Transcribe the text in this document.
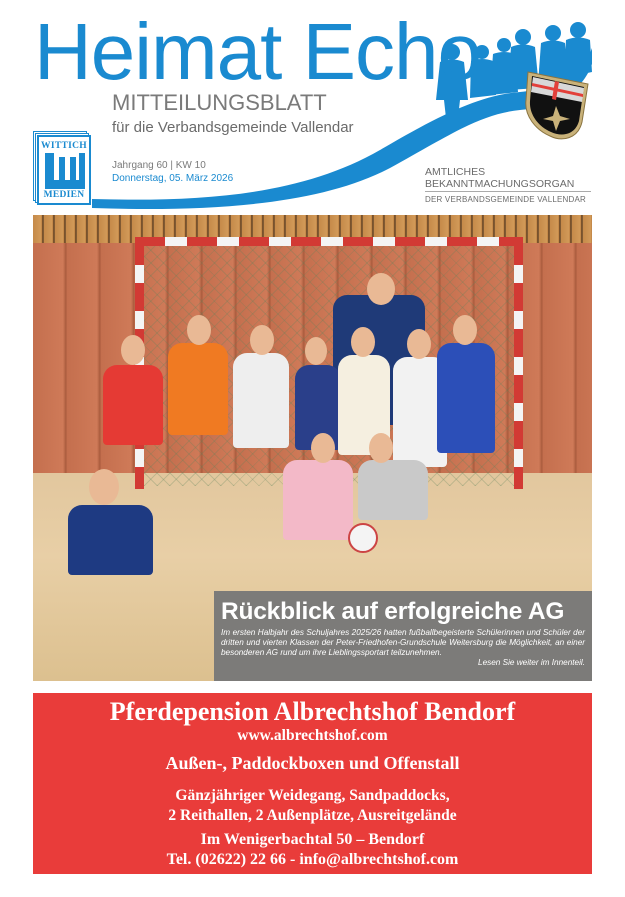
Heimat Echo
MITTEILUNGSBLATT
für die Verbandsgemeinde Vallendar
Jahrgang 60 | KW 10
Donnerstag, 05. März 2026
WITTICH
MEDIEN
AMTLICHES
BEKANNTMACHUNGSORGAN
DER VERBANDSGEMEINDE VALLENDAR
Rückblick auf erfolgreiche AG
Im ersten Halbjahr des Schuljahres 2025/26 hatten fußballbegeisterte Schülerinnen und Schüler der dritten und vierten Klassen der Peter-Friedhofen-Grundschule Weitersburg die Möglichkeit, an einer besonderen AG rund um ihre Lieblingssportart teilzunehmen.
Lesen Sie weiter im Innenteil.
Pferdepension Albrechtshof Bendorf
www.albrechtshof.com
Außen-, Paddockboxen und Offenstall
Gänzjähriger Weidegang, Sandpaddocks,
2 Reithallen, 2 Außenplätze, Ausreitgelände
Im Wenigerbachtal 50 – Bendorf
Tel. (02622) 22 66 - info@albrechtshof.com
